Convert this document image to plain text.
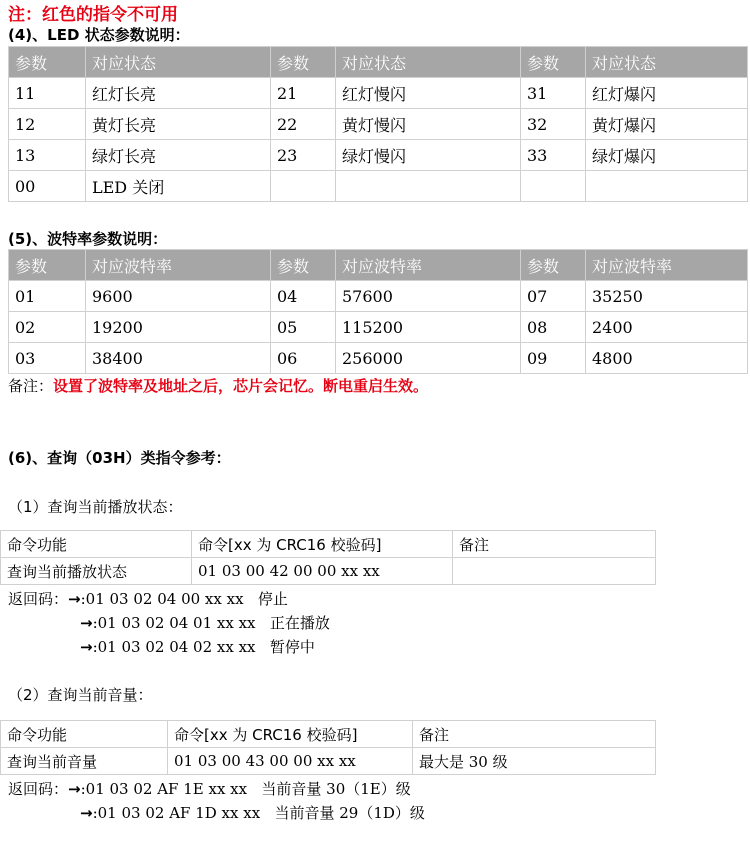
注：红色的指令不可用
(4)、LED 状态参数说明：
参数	对应状态	参数	对应状态	参数	对应状态
11	红灯长亮	21	红灯慢闪	31	红灯爆闪
12	黄灯长亮	22	黄灯慢闪	32	黄灯爆闪
13	绿灯长亮	23	绿灯慢闪	33	绿灯爆闪
00	LED 关闭				
(5)、波特率参数说明：
参数	对应波特率	参数	对应波特率	参数	对应波特率
01	9600	04	57600	07	35250
02	19200	05	115200	08	2400
03	38400	06	256000	09	4800
备注：设置了波特率及地址之后，芯片会记忆。断电重启生效。
(6)、查询（03H）类指令参考：
（1）查询当前播放状态：
命令功能	命令[xx 为 CRC16 校验码]	备注
查询当前播放状态	01 03 00 42 00 00 xx xx	
返回码：→:01 03 02 04 00 xx xx 停止
→:01 03 02 04 01 xx xx 正在播放
→:01 03 02 04 02 xx xx 暂停中
（2）查询当前音量：
命令功能	命令[xx 为 CRC16 校验码]	备注
查询当前音量	01 03 00 43 00 00 xx xx	最大是 30 级
返回码：→:01 03 02 AF 1E xx xx 当前音量 30（1E）级
→:01 03 02 AF 1D xx xx 当前音量 29（1D）级
